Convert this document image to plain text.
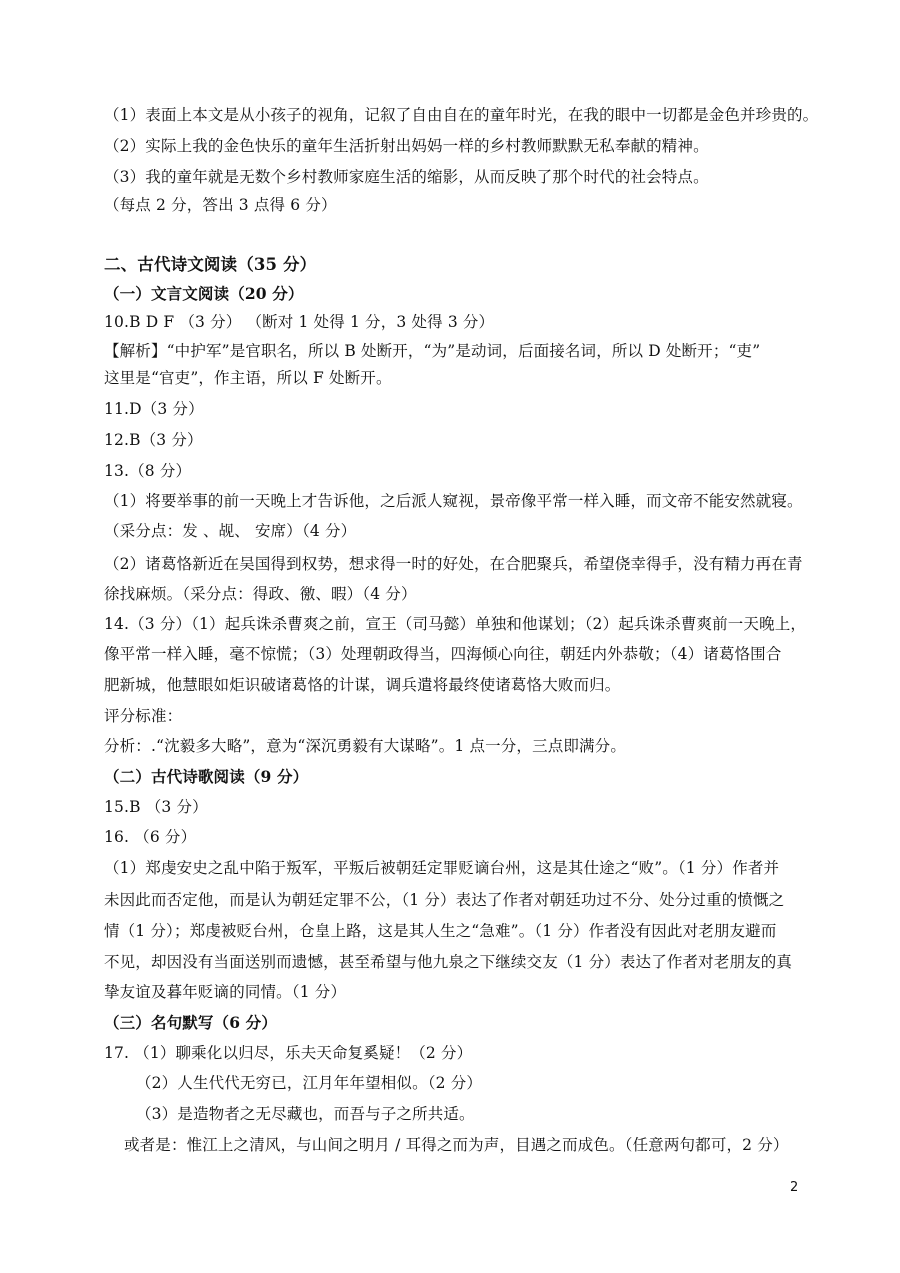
（1）表面上本文是从小孩子的视角，记叙了自由自在的童年时光，在我的眼中一切都是金色并珍贵的。
（2）实际上我的金色快乐的童年生活折射出妈妈一样的乡村教师默默无私奉献的精神。
（3）我的童年就是无数个乡村教师家庭生活的缩影，从而反映了那个时代的社会特点。
（每点 2 分，答出 3 点得 6 分）
二、古代诗文阅读（35 分）
（一）文言文阅读（20 分）
10.B D F （3 分） （断对 1 处得 1 分，3 处得 3 分）
【解析】“中护军”是官职名，所以 B 处断开，“为”是动词，后面接名词，所以 D 处断开；“吏”
这里是“官吏”，作主语，所以 F 处断开。
11.D（3 分）
12.B（3 分）
13.（8 分）
（1）将要举事的前一天晚上才告诉他，之后派人窥视，景帝像平常一样入睡，而文帝不能安然就寝。
（采分点：发 、觇、 安席）（4 分）
（2）诸葛恪新近在吴国得到权势，想求得一时的好处，在合肥聚兵，希望侥幸得手，没有精力再在青
徐找麻烦。（采分点：得政、徼、暇）（4 分）
14.（3 分）（1）起兵诛杀曹爽之前，宣王（司马懿）单独和他谋划；（2）起兵诛杀曹爽前一天晚上，
像平常一样入睡，毫不惊慌；（3）处理朝政得当，四海倾心向往，朝廷内外恭敬；（4）诸葛恪围合
肥新城，他慧眼如炬识破诸葛恪的计谋，调兵遣将最终使诸葛恪大败而归。
评分标准：
分析：.“沈毅多大略”，意为“深沉勇毅有大谋略”。1 点一分，三点即满分。
（二）古代诗歌阅读（9 分）
15.B （3 分）
16. （6 分）
（1）郑虔安史之乱中陷于叛军，平叛后被朝廷定罪贬谪台州，这是其仕途之“败”。（1 分）作者并
未因此而否定他，而是认为朝廷定罪不公，（1 分）表达了作者对朝廷功过不分、处分过重的愤慨之
情（1 分）；郑虔被贬台州，仓皇上路，这是其人生之“急难”。（1 分）作者没有因此对老朋友避而
不见，却因没有当面送别而遗憾，甚至希望与他九泉之下继续交友（1 分）表达了作者对老朋友的真
挚友谊及暮年贬谪的同情。（1 分）
（三）名句默写（6 分）
17. （1）聊乘化以归尽，乐夫天命复奚疑！（2 分）
（2）人生代代无穷已，江月年年望相似。（2 分）
（3）是造物者之无尽藏也，而吾与子之所共适。
或者是：惟江上之清风，与山间之明月 / 耳得之而为声，目遇之而成色。（任意两句都可，2 分）
2
